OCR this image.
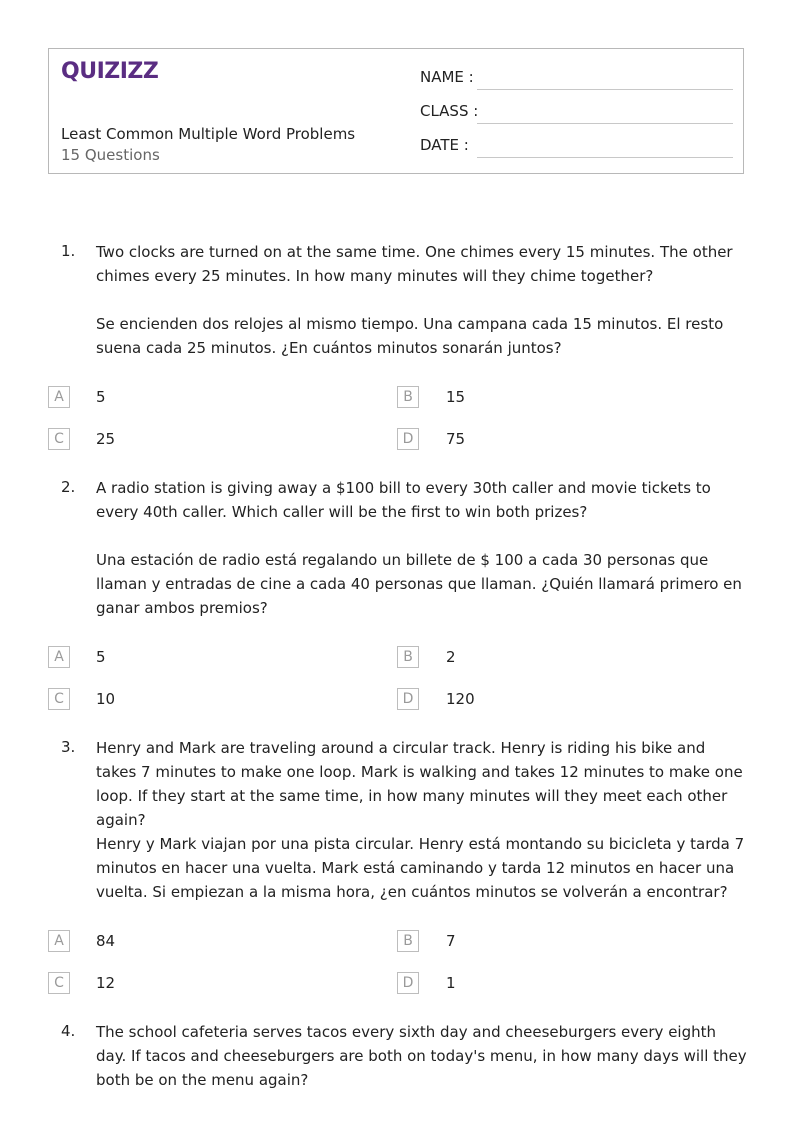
QUIZIZZ
Least Common Multiple Word Problems
15 Questions
NAME :
CLASS :
DATE :
1. Two clocks are turned on at the same time. One chimes every 15 minutes. The other chimes every 25 minutes. In how many minutes will they chime together?
Se encienden dos relojes al mismo tiempo. Una campana cada 15 minutos. El resto suena cada 25 minutos. ¿En cuántos minutos sonarán juntos?
A	5	B	15
C	25	D	75
2. A radio station is giving away a $100 bill to every 30th caller and movie tickets to every 40th caller. Which caller will be the first to win both prizes?
Una estación de radio está regalando un billete de $ 100 a cada 30 personas que llaman y entradas de cine a cada 40 personas que llaman. ¿Quién llamará primero en ganar ambos premios?
A	5	B	2
C	10	D	120
3. Henry and Mark are traveling around a circular track. Henry is riding his bike and takes 7 minutes to make one loop. Mark is walking and takes 12 minutes to make one loop. If they start at the same time, in how many minutes will they meet each other again?
Henry y Mark viajan por una pista circular. Henry está montando su bicicleta y tarda 7 minutos en hacer una vuelta. Mark está caminando y tarda 12 minutos en hacer una vuelta. Si empiezan a la misma hora, ¿en cuántos minutos se volverán a encontrar?
A	84	B	7
C	12	D	1
4. The school cafeteria serves tacos every sixth day and cheeseburgers every eighth day. If tacos and cheeseburgers are both on today's menu, in how many days will they both be on the menu again?
